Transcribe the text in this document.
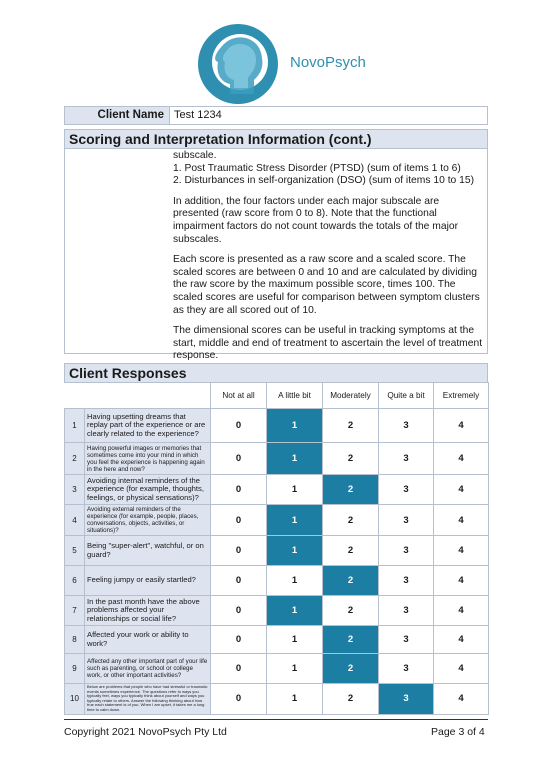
NovoPsych
Client Name Test 1234
Scoring and Interpretation Information (cont.)

subscale.

1. Post Traumatic Stress Disorder (PTSD) (sum of items 1 to 6)

2. Disturbances in self-organization (DSO) (sum of items 10 to 15)

In addition, the four factors under each major subscale are presented (raw score from 0 to 8). Note that the functional impairment factors do not count towards the totals of the major subscales.

Each score is presented as a raw score and a scaled score. The scaled scores are between 0 and 10 and are calculated by dividing the raw score by the maximum possible score, times 100. The scaled scores are useful for comparison between symptom clusters as they are all scored out of 10.

The dimensional scores can be useful in tracking symptoms at the start, middle and end of treatment to ascertain the level of treatment response.

Client Responses
		Not at all	A little bit	Moderately	Quite a bit	Extremely
1	Having upsetting dreams that replay part of the experience or are clearly related to the experience?	0	1	2	3	4
2	Having powerful images or memories that sometimes come into your mind in which you feel the experience is happening again in the here and now?	0	1	2	3	4
3	Avoiding internal reminders of the experience (for example, thoughts, feelings, or physical sensations)?	0	1	2	3	4
4	Avoiding external reminders of the experience (for example, people, places, conversations, objects, activities, or situations)?	0	1	2	3	4
5	Being "super-alert", watchful, or on guard?	0	1	2	3	4
6	Feeling jumpy or easily startled?	0	1	2	3	4
7	In the past month have the above problems affected your relationships or social life?	0	1	2	3	4
8	Affected your work or ability to work?	0	1	2	3	4
9	Affected any other important part of your life such as parenting, or school or college work, or other important activities?	0	1	2	3	4
10	Below are problems that people who have had stressful or traumatic events sometimes experience. The questions refer to ways you typically feel, ways you typically think about yourself and ways you typically relate to others. Answer the following thinking about how true each statement is of you. When I am upset, it takes me a long time to calm down.	0	1	2	3	4
Copyright 2021 NovoPsych Pty Ltd	Page 3 of 4
